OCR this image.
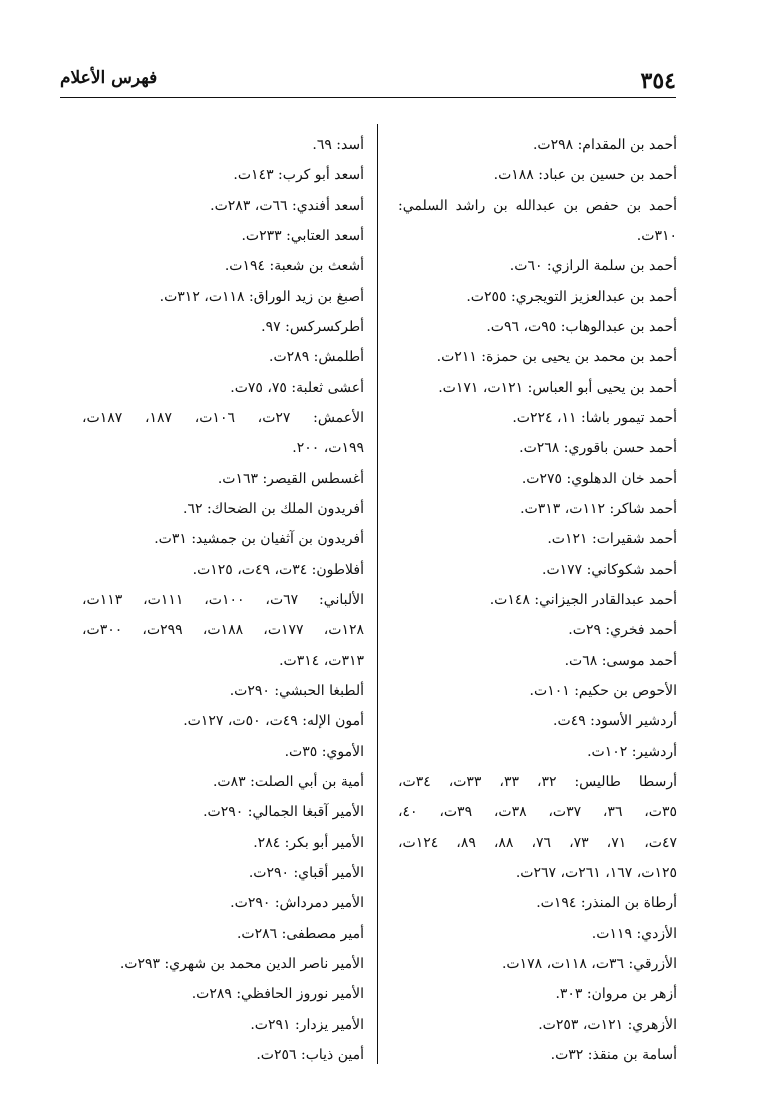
٣٥٤
فهرس الأعلام
أحمد بن المقدام: ٢٩٨ت.
أحمد بن حسين بن عباد: ١٨٨ت.
أحمد بن حفص بن عبدالله بن راشد السلمي:
٣١٠ت.
أحمد بن سلمة الرازي: ٦٠ت.
أحمد بن عبدالعزيز التويجري: ٢٥٥ت.
أحمد بن عبدالوهاب: ٩٥ت، ٩٦ت.
أحمد بن محمد بن يحيى بن حمزة: ٢١١ت.
أحمد بن يحيى أبو العباس: ١٢١ت، ١٧١ت.
أحمد تيمور باشا: ١١، ٢٢٤ت.
أحمد حسن باقوري: ٢٦٨ت.
أحمد خان الدهلوي: ٢٧٥ت.
أحمد شاكر: ١١٢ت، ٣١٣ت.
أحمد شقيرات: ١٢١ت.
أحمد شكوكاني: ١٧٧ت.
أحمد عبدالقادر الجيزاني: ١٤٨ت.
أحمد فخري: ٢٩ت.
أحمد موسى: ٦٨ت.
الأحوص بن حكيم: ١٠١ت.
أردشير الأسود: ٤٩ت.
أردشير: ١٠٢ت.
أرسطا طاليس: ٣٢، ٣٣، ٣٣ت، ٣٤ت،
٣٥ت، ٣٦، ٣٧ت، ٣٨ت، ٣٩ت، ٤٠،
٤٧ت، ٧١، ٧٣، ٧٦، ٨٨، ٨٩، ١٢٤ت،
١٢٥ت، ١٦٧، ٢٦١ت، ٢٦٧ت.
أرطاة بن المنذر: ١٩٤ت.
الأزدي: ١١٩ت.
الأزرقي: ٣٦ت، ١١٨ت، ١٧٨ت.
أزهر بن مروان: ٣٠٣.
الأزهري: ١٢١ت، ٢٥٣ت.
أسامة بن منقذ: ٣٢ت.
أسد: ٦٩.
أسعد أبو كرب: ١٤٣ت.
أسعد أفندي: ٦٦ت، ٢٨٣ت.
أسعد العتابي: ٢٣٣ت.
أشعث بن شعبة: ١٩٤ت.
أصبغ بن زيد الوراق: ١١٨ت، ٣١٢ت.
أطركسركس: ٩٧.
أطلمش: ٢٨٩ت.
أعشى ثعلبة: ٧٥، ٧٥ت.
الأعمش: ٢٧ت، ١٠٦ت، ١٨٧، ١٨٧ت،
١٩٩ت، ٢٠٠.
أغسطس القيصر: ١٦٣ت.
أفريدون الملك بن الضحاك: ٦٢.
أفريدون بن آثفيان بن جمشيد: ٣١ت.
أفلاطون: ٣٤ت، ٤٩ت، ١٢٥ت.
الألباني: ٦٧ت، ١٠٠ت، ١١١ت، ١١٣ت،
١٢٨ت، ١٧٧ت، ١٨٨ت، ٢٩٩ت، ٣٠٠ت،
٣١٣ت، ٣١٤ت.
ألطبغا الحبشي: ٢٩٠ت.
أمون الإله: ٤٩ت، ٥٠ت، ١٢٧ت.
الأموي: ٣٥ت.
أمية بن أبي الصلت: ٨٣ت.
الأمير آقبغا الجمالي: ٢٩٠ت.
الأمير أبو بكر: ٢٨٤.
الأمير أقباي: ٢٩٠ت.
الأمير دمرداش: ٢٩٠ت.
أمير مصطفى: ٢٨٦ت.
الأمير ناصر الدين محمد بن شهري: ٢٩٣ت.
الأمير نوروز الحافظي: ٢٨٩ت.
الأمير يزدار: ٢٩١ت.
أمين ذياب: ٢٥٦ت.
